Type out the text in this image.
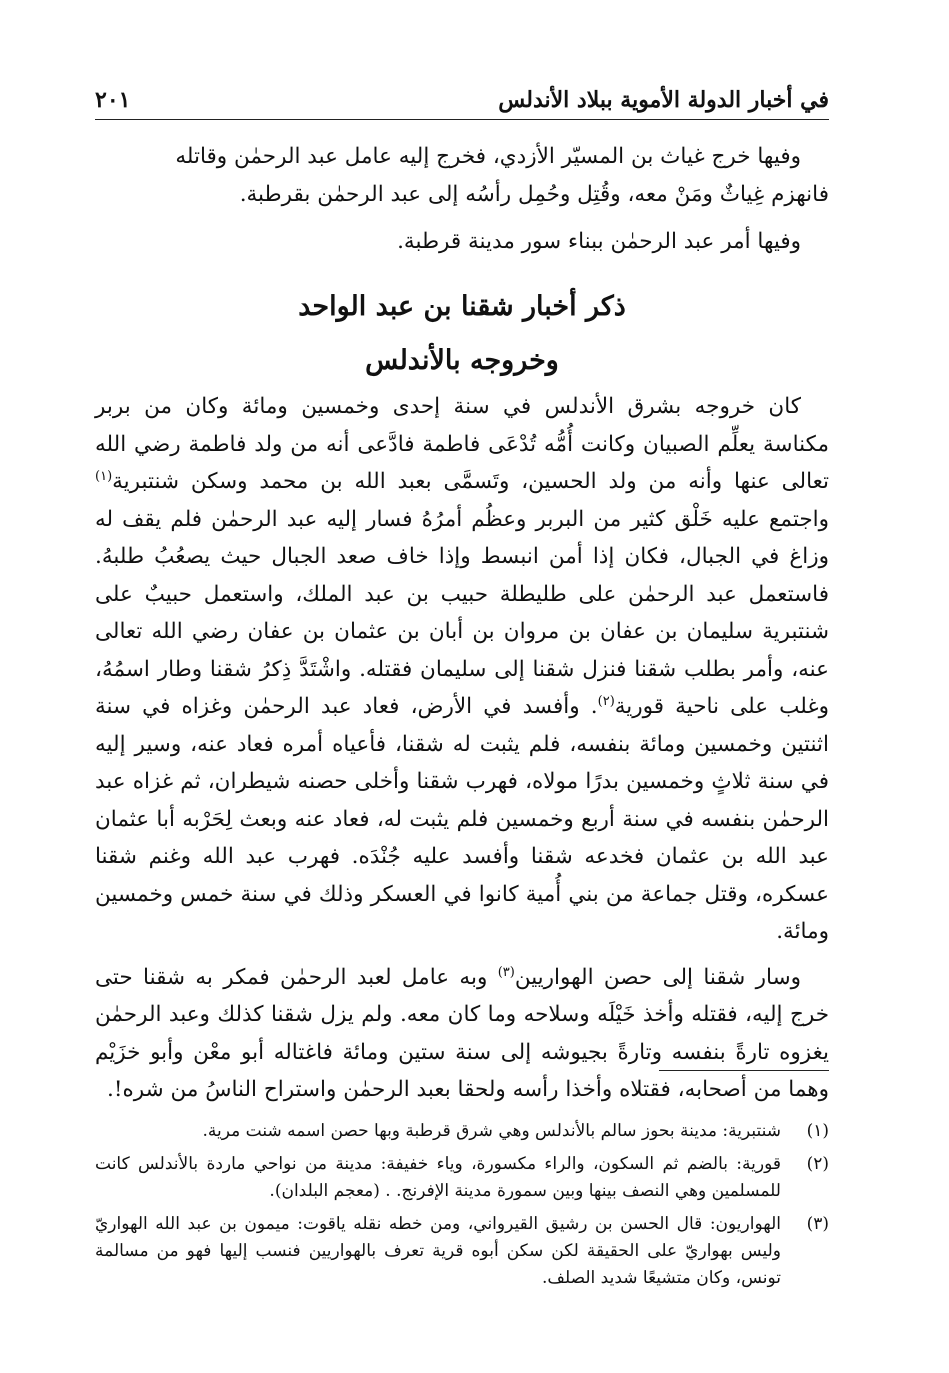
في أخبار الدولة الأموية ببلاد الأندلس
٢٠١

وفيها خرج غياث بن المسيّر الأزدي، فخرج إليه عامل عبد الرحمٰن وقاتله

فانهزم غِياثٌ ومَنْ معه، وقُتِل وحُمِل رأسُه إلى عبد الرحمٰن بقرطبة.

وفيها أمر عبد الرحمٰن ببناء سور مدينة قرطبة.

ذكر أخبار شقنا بن عبد الواحد
وخروجه بالأندلس

كان خروجه بشرق الأندلس في سنة إحدى وخمسين ومائة وكان من بربر مكناسة يعلِّم الصبيان وكانت أُمُّه تُدْعَى فاطمة فادَّعى أنه من ولد فاطمة رضي الله تعالى عنها وأنه من ولد الحسين، وتَسمَّى بعبد الله بن محمد وسكن شنتبرية$^{(١)}$ واجتمع عليه خَلْق كثير من البربر وعظُم أمرُهُ فسار إليه عبد الرحمٰن فلم يقف له وزاغ في الجبال، فكان إذا أمن انبسط وإذا خاف صعد الجبال حيث يصعُبُ طلبهُ. فاستعمل عبد الرحمٰن على طليطلة حبيب بن عبد الملك، واستعمل حبيبٌ على شنتبرية سليمان بن عفان بن مروان بن أبان بن عثمان بن عفان رضي الله تعالى عنه، وأمر بطلب شقنا فنزل شقنا إلى سليمان فقتله. واشْتَدَّ ذِكرُ شقنا وطار اسمُهُ، وغلب على ناحية قورية$^{(٢)}$. وأفسد في الأرض، فعاد عبد الرحمٰن وغزاه في سنة اثنتين وخمسين ومائة بنفسه، فلم يثبت له شقنا، فأعياه أمره فعاد عنه، وسير إليه في سنة ثلاثٍ وخمسين بدرًا مولاه، فهرب شقنا وأخلى حصنه شيطران، ثم غزاه عبد الرحمٰن بنفسه في سنة أربع وخمسين فلم يثبت له، فعاد عنه وبعث لِحَرْبه أبا عثمان عبد الله بن عثمان فخدعه شقنا وأفسد عليه جُنْدَه. فهرب عبد الله وغنم شقنا عسكره، وقتل جماعة من بني أُمية كانوا في العسكر وذلك في سنة خمس وخمسين ومائة.

وسار شقنا إلى حصن الهواريين$^{(٣)}$ وبه عامل لعبد الرحمٰن فمكر به شقنا حتى خرج إليه، فقتله وأخذ خَيْلَه وسلاحه وما كان معه. ولم يزل شقنا كذلك وعبد الرحمٰن يغزوه تارةً بنفسه وتارةً بجيوشه إلى سنة ستين ومائة فاغتاله أبو معْن وأبو خزَيْم وهما من أصحابه، فقتلاه وأخذا رأسه ولحقا بعبد الرحمٰن واستراح الناسُ من شره!.

(١)
شنتبرية: مدينة بحوز سالم بالأندلس وهي شرق قرطبة وبها حصن اسمه شنت مرية.
(٢)
قورية: بالضم ثم السكون، والراء مكسورة، وياء خفيفة: مدينة من نواحي ماردة بالأندلس كانت للمسلمين وهي النصف بينها وبين سمورة مدينة الإفرنج. . (معجم البلدان).
(٣)
الهواريون: قال الحسن بن رشيق القيرواني، ومن خطه نقله ياقوت: ميمون بن عبد الله الهواريّ وليس بهواريّ على الحقيقة لكن سكن أبوه قرية تعرف بالهواريين فنسب إليها فهو من مسالمة تونس، وكان متشيعًا شديد الصلف.
